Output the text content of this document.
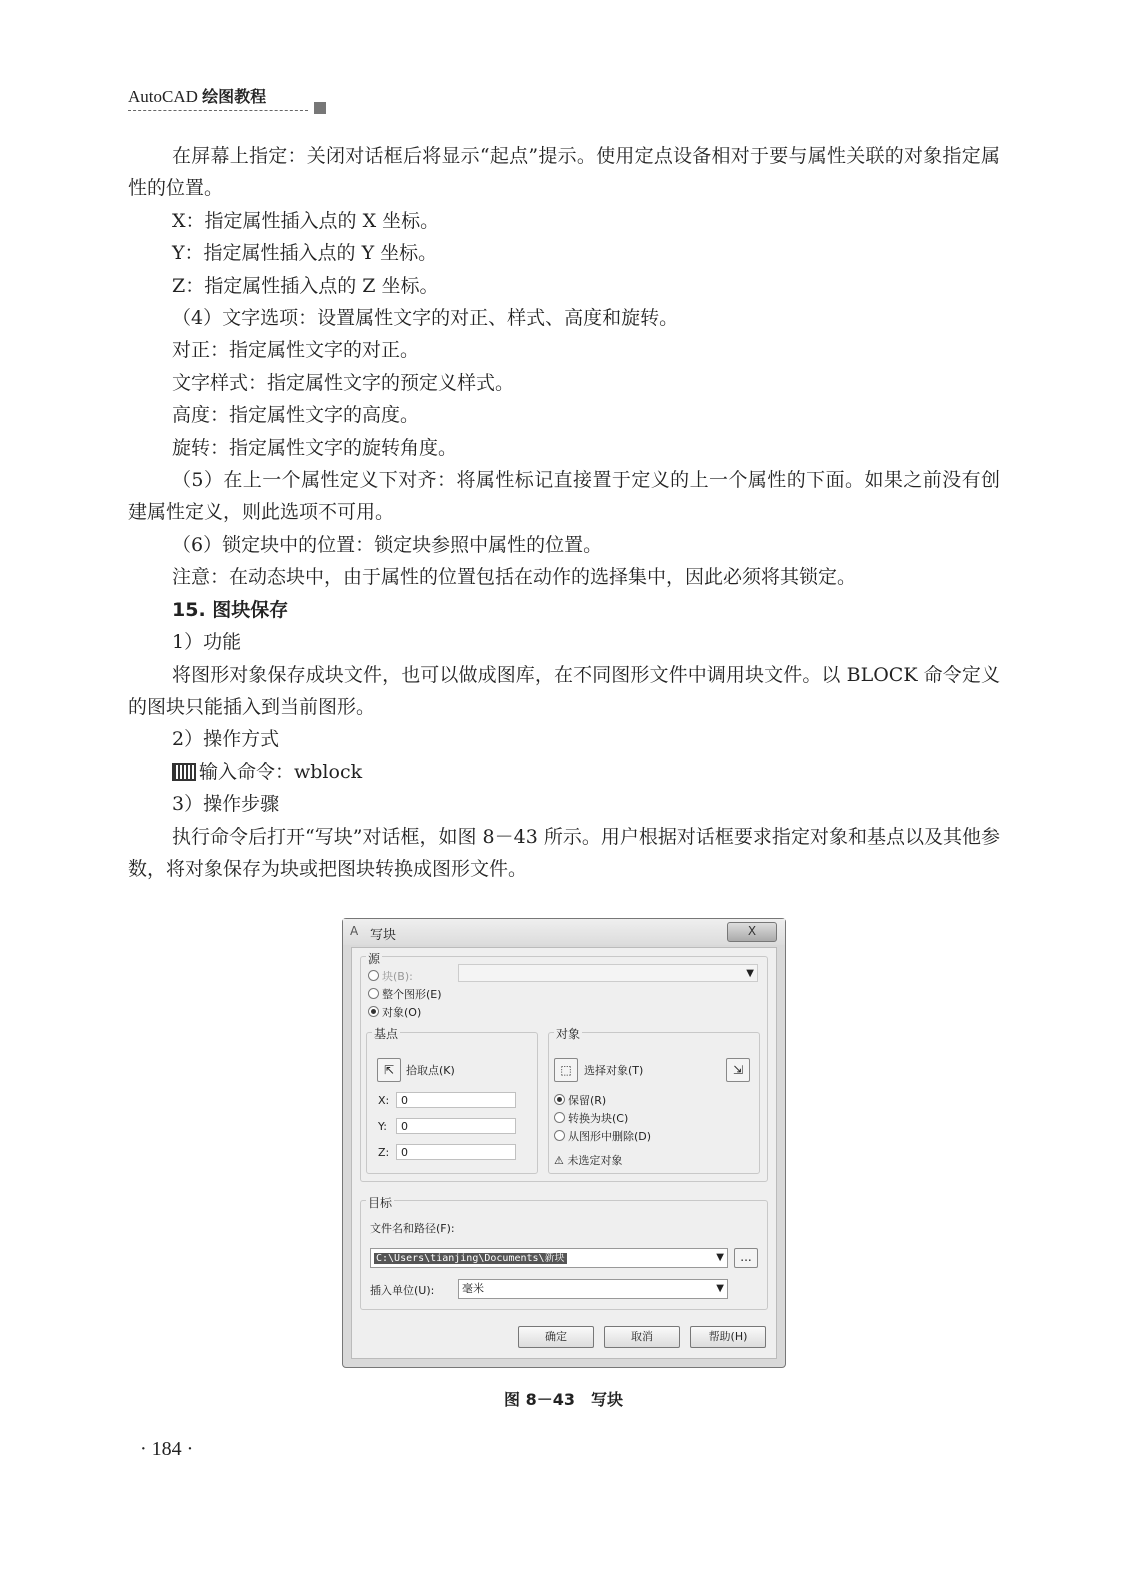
AutoCAD 绘图教程

在屏幕上指定：关闭对话框后将显示“起点”提示。使用定点设备相对于要与属性关联的对象指定属性的位置。

X：指定属性插入点的 X 坐标。

Y：指定属性插入点的 Y 坐标。

Z：指定属性插入点的 Z 坐标。

（4）文字选项：设置属性文字的对正、样式、高度和旋转。

对正：指定属性文字的对正。

文字样式：指定属性文字的预定义样式。

高度：指定属性文字的高度。

旋转：指定属性文字的旋转角度。

（5）在上一个属性定义下对齐：将属性标记直接置于定义的上一个属性的下面。如果之前没有创建属性定义，则此选项不可用。

（6）锁定块中的位置：锁定块参照中属性的位置。

注意：在动态块中，由于属性的位置包括在动作的选择集中，因此必须将其锁定。

15. 图块保存

1）功能

将图形对象保存成块文件，也可以做成图库，在不同图形文件中调用块文件。以 BLOCK 命令定义的图块只能插入到当前图形。

2）操作方式

输入命令：wblock

3）操作步骤

执行命令后打开“写块”对话框，如图 8－43 所示。用户根据对话框要求指定对象和基点以及其他参数，将对象保存为块或把图块转换成图形文件。

A 写块	X
源
块(B):	▼
整个图形(E)
对象(O)
基点
⇱	拾取点(K)
X:	0
Y:	0
Z:	0
对象
⬚	选择对象(T)	⇲
保留(R)
转换为块(C)
从图形中删除(D)
⚠ 未选定对象
目标
文件名和路径(F):
C:\Users\tianjing\Documents\新块	▼	...
插入单位(U):	毫米	▼
确定	取消	帮助(H)
图 8－43　写块
· 184 ·
